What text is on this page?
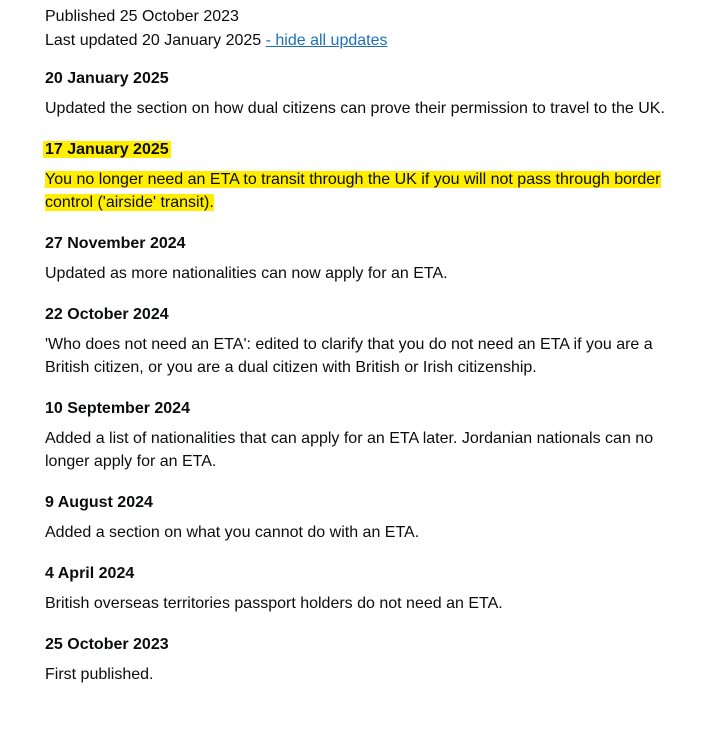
Published 25 October 2023
Last updated 20 January 2025 - hide all updates

20 January 2025

Updated the section on how dual citizens can prove their permission to travel to the UK.

17 January 2025

You no longer need an ETA to transit through the UK if you will not pass through border control ('airside' transit).

27 November 2024

Updated as more nationalities can now apply for an ETA.

22 October 2024

'Who does not need an ETA': edited to clarify that you do not need an ETA if you are a British citizen, or you are a dual citizen with British or Irish citizenship.

10 September 2024

Added a list of nationalities that can apply for an ETA later. Jordanian nationals can no longer apply for an ETA.

9 August 2024

Added a section on what you cannot do with an ETA.

4 April 2024

British overseas territories passport holders do not need an ETA.

25 October 2023

First published.
